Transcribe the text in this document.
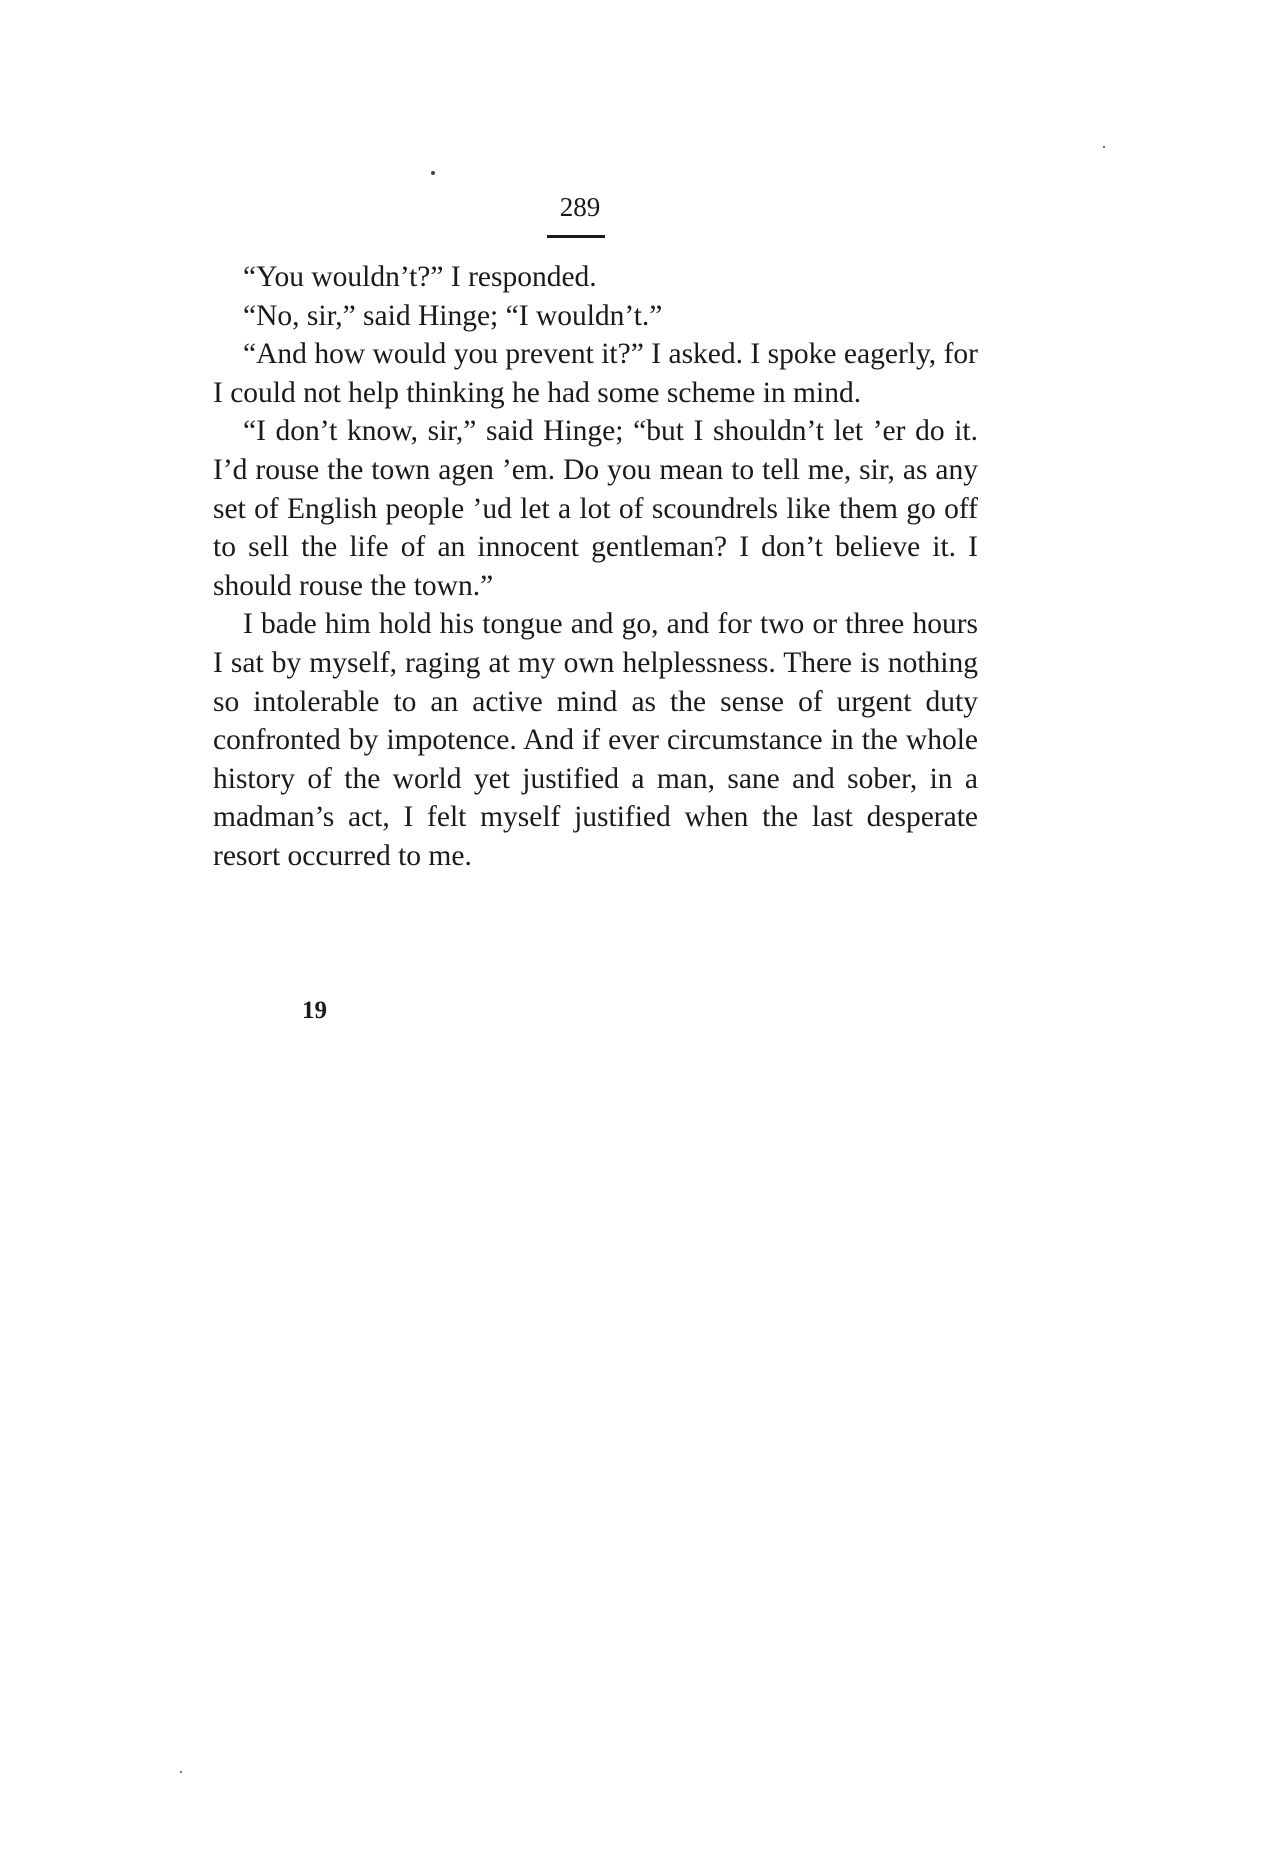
289

“You wouldn’t?” I responded.

“No, sir,” said Hinge; “I wouldn’t.”

“And how would you prevent it?” I asked. I spoke eagerly, for I could not help thinking he had some scheme in mind.

“I don’t know, sir,” said Hinge; “but I shouldn’t let ’er do it. I’d rouse the town agen ’em. Do you mean to tell me, sir, as any set of English people ’ud let a lot of scoundrels like them go off to sell the life of an innocent gentleman? I don’t believe it. I should rouse the town.”

I bade him hold his tongue and go, and for two or three hours I sat by myself, raging at my own helplessness. There is nothing so intolerable to an active mind as the sense of urgent duty confronted by impotence. And if ever circumstance in the whole history of the world yet justified a man, sane and sober, in a madman’s act, I felt myself justified when the last desperate resort occurred to me.

19
